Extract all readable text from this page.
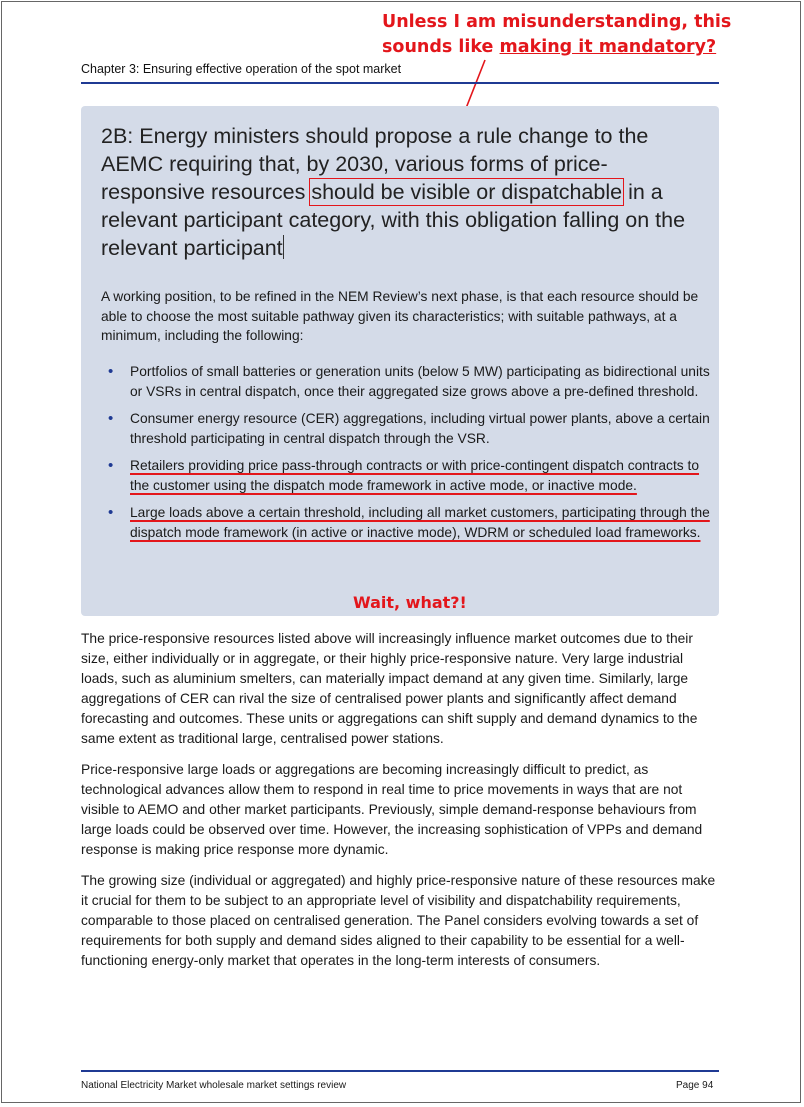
Unless I am misunderstanding, this
sounds like making it mandatory?
Chapter 3: Ensuring effective operation of the spot market
2B: Energy ministers should propose a rule change to the AEMC requiring that, by 2030, various forms of price-responsive resources should be visible or dispatchable in a relevant participant category, with this obligation falling on the relevant participant
A working position, to be refined in the NEM Review’s next phase, is that each resource should be able to choose the most suitable pathway given its characteristics; with suitable pathways, at a minimum, including the following:
• Portfolios of small batteries or generation units (below 5 MW) participating as bidirectional units or VSRs in central dispatch, once their aggregated size grows above a pre-defined threshold.
• Consumer energy resource (CER) aggregations, including virtual power plants, above a certain threshold participating in central dispatch through the VSR.
• Retailers providing price pass-through contracts or with price-contingent dispatch contracts to the customer using the dispatch mode framework in active mode, or inactive mode.
• Large loads above a certain threshold, including all market customers, participating through the dispatch mode framework (in active or inactive mode), WDRM or scheduled load frameworks.
Wait, what?!
The price-responsive resources listed above will increasingly influence market outcomes due to their size, either individually or in aggregate, or their highly price-responsive nature. Very large industrial loads, such as aluminium smelters, can materially impact demand at any given time. Similarly, large aggregations of CER can rival the size of centralised power plants and significantly affect demand forecasting and outcomes. These units or aggregations can shift supply and demand dynamics to the same extent as traditional large, centralised power stations.
Price-responsive large loads or aggregations are becoming increasingly difficult to predict, as technological advances allow them to respond in real time to price movements in ways that are not visible to AEMO and other market participants. Previously, simple demand-response behaviours from large loads could be observed over time. However, the increasing sophistication of VPPs and demand response is making price response more dynamic.
The growing size (individual or aggregated) and highly price-responsive nature of these resources make it crucial for them to be subject to an appropriate level of visibility and dispatchability requirements, comparable to those placed on centralised generation. The Panel considers evolving towards a set of requirements for both supply and demand sides aligned to their capability to be essential for a well-functioning energy-only market that operates in the long-term interests of consumers.
National Electricity Market wholesale market settings review	Page 94
